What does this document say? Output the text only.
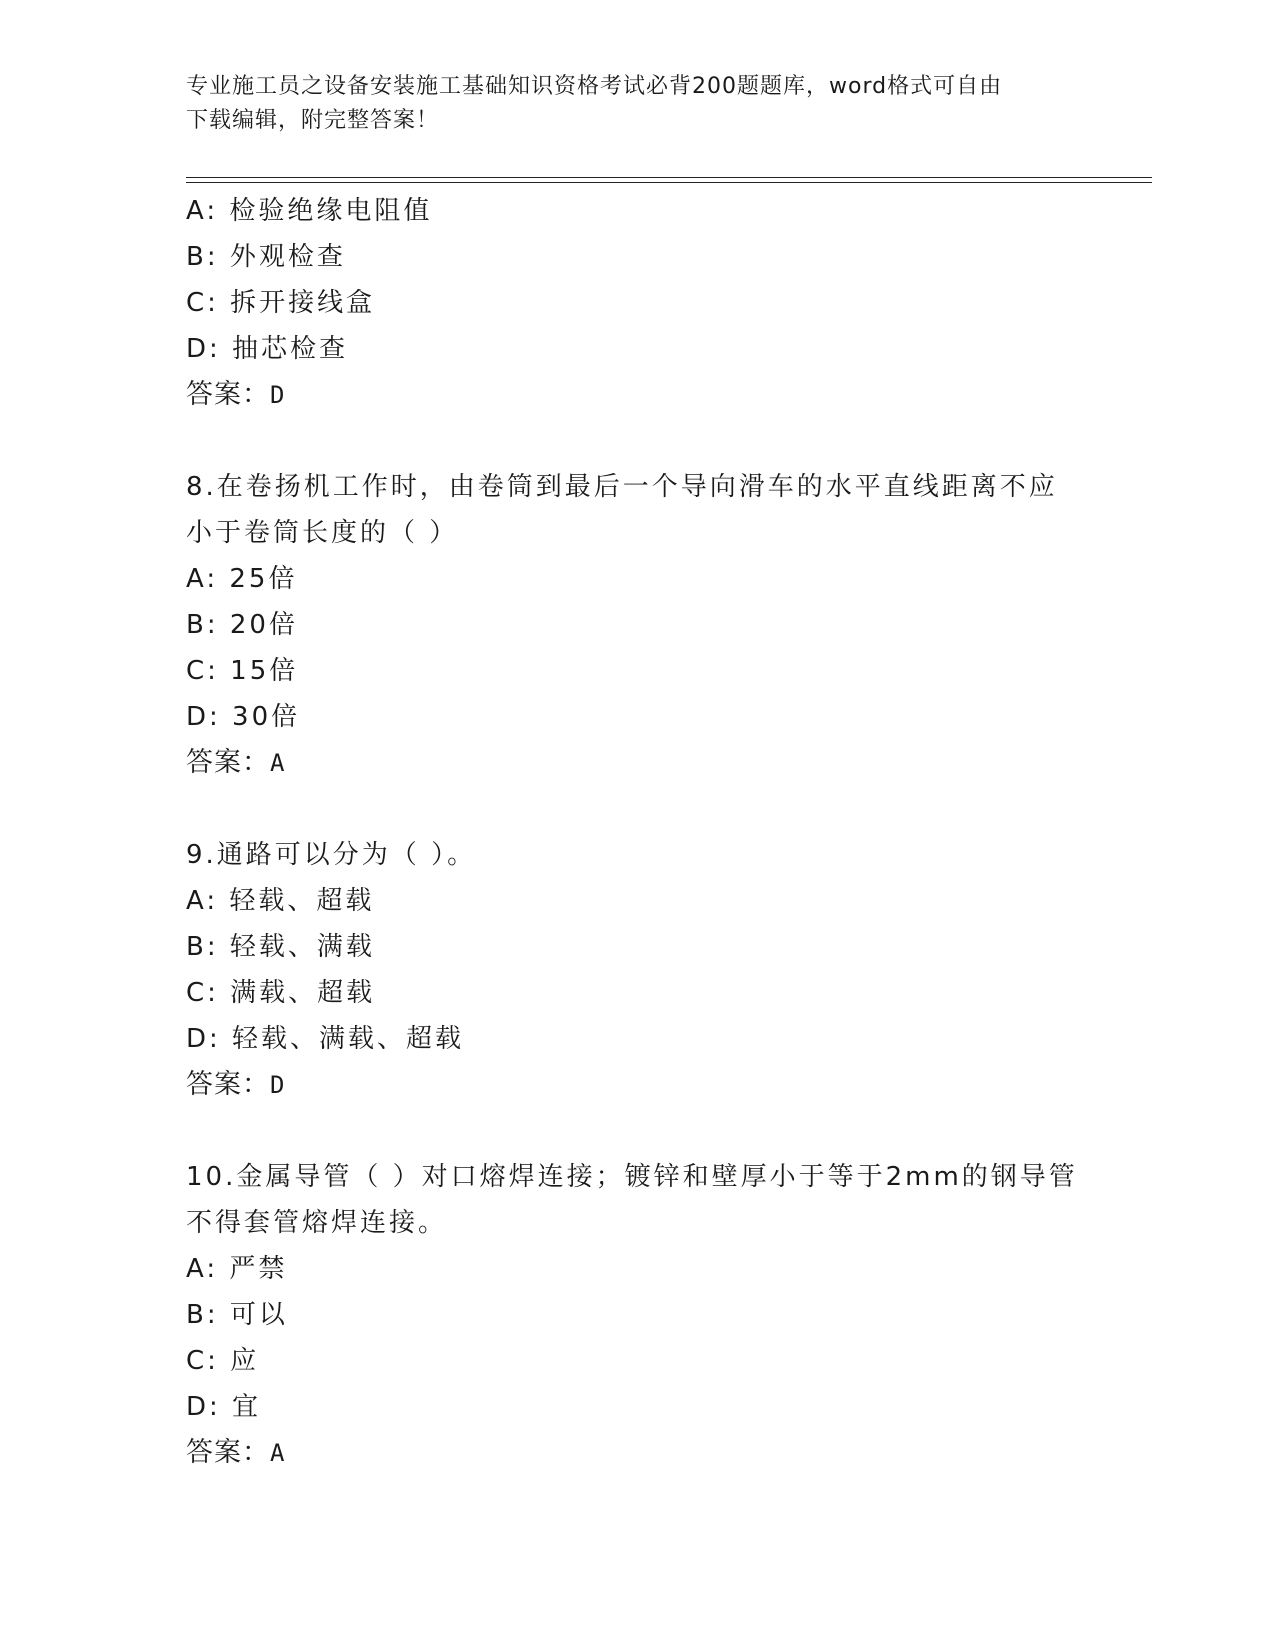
专业施工员之设备安装施工基础知识资格考试必背200题题库，word格式可自由
下载编辑，附完整答案！
A: 检验绝缘电阻值
B: 外观检查
C: 拆开接线盒
D: 抽芯检查
答案：D
8.在卷扬机工作时，由卷筒到最后一个导向滑车的水平直线距离不应
小于卷筒长度的（ ）
A: 25倍
B: 20倍
C: 15倍
D: 30倍
答案：A
9.通路可以分为（ ）。
A: 轻载、超载
B: 轻载、满载
C: 满载、超载
D: 轻载、满载、超载
答案：D
10.金属导管（ ）对口熔焊连接；镀锌和壁厚小于等于2mm的钢导管
不得套管熔焊连接。
A: 严禁
B: 可以
C: 应
D: 宜
答案：A
